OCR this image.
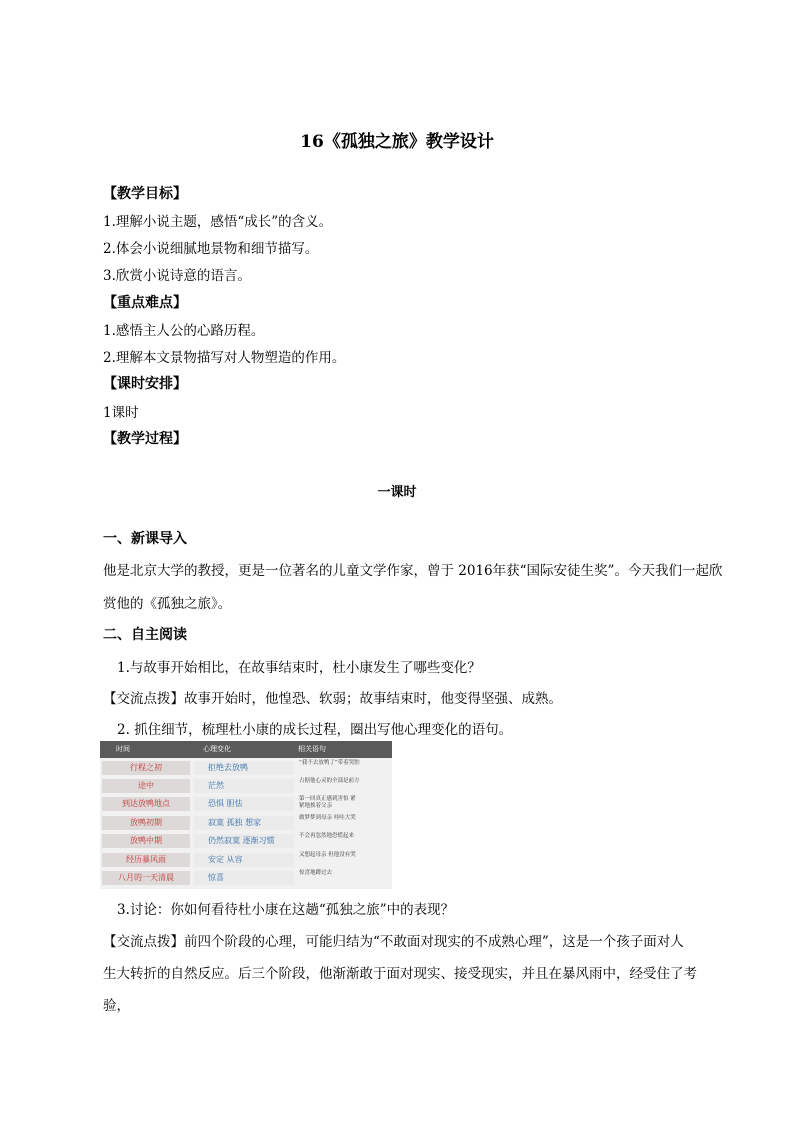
16《孤独之旅》教学设计
【教学目标】
1.理解小说主题，感悟“成长”的含义。
2.体会小说细腻地景物和细节描写。
3.欣赏小说诗意的语言。
【重点难点】
1.感悟主人公的心路历程。
2.理解本文景物描写对人物塑造的作用。
【课时安排】
1课时
【教学过程】
一课时
一、新课导入
他是北京大学的教授，更是一位著名的儿童文学作家，曾于 2016年获“国际安徒生奖”。今天我们一起欣
赏他的《孤独之旅》。
二、自主阅读
1.与故事开始相比，在故事结束时，杜小康发生了哪些变化？
【交流点拨】故事开始时，他惶恐、软弱；故事结束时，他变得坚强、成熟。
2. 抓住细节，梳理杜小康的成长过程，圈出写他心理变化的语句。
时间	心理变化	相关语句
行程之初	拒绝去放鸭	“我不去放鸭了”带着哭腔
途中	茫然	占据他心灵的全部是前方
到达放鸭地点	恐惧 胆怯	第一回真正感到害怕 紧紧地挨着父亲
放鸭初期	寂寞 孤独 想家	做梦梦到母亲 哇哇大哭
放鸭中期	仍然寂寞 逐渐习惯	不会再忽然地恐慌起来
经历暴风雨	安定 从容	又想起母亲 但他没有哭
八月的一天清晨	惊喜	惊喜地蹲过去
3.讨论：你如何看待杜小康在这趟“孤独之旅”中的表现？
【交流点拨】前四个阶段的心理，可能归结为“不敢面对现实的不成熟心理”，这是一个孩子面对人
生大转折的自然反应。后三个阶段，他渐渐敢于面对现实、接受现实，并且在暴风雨中，经受住了考
验，
